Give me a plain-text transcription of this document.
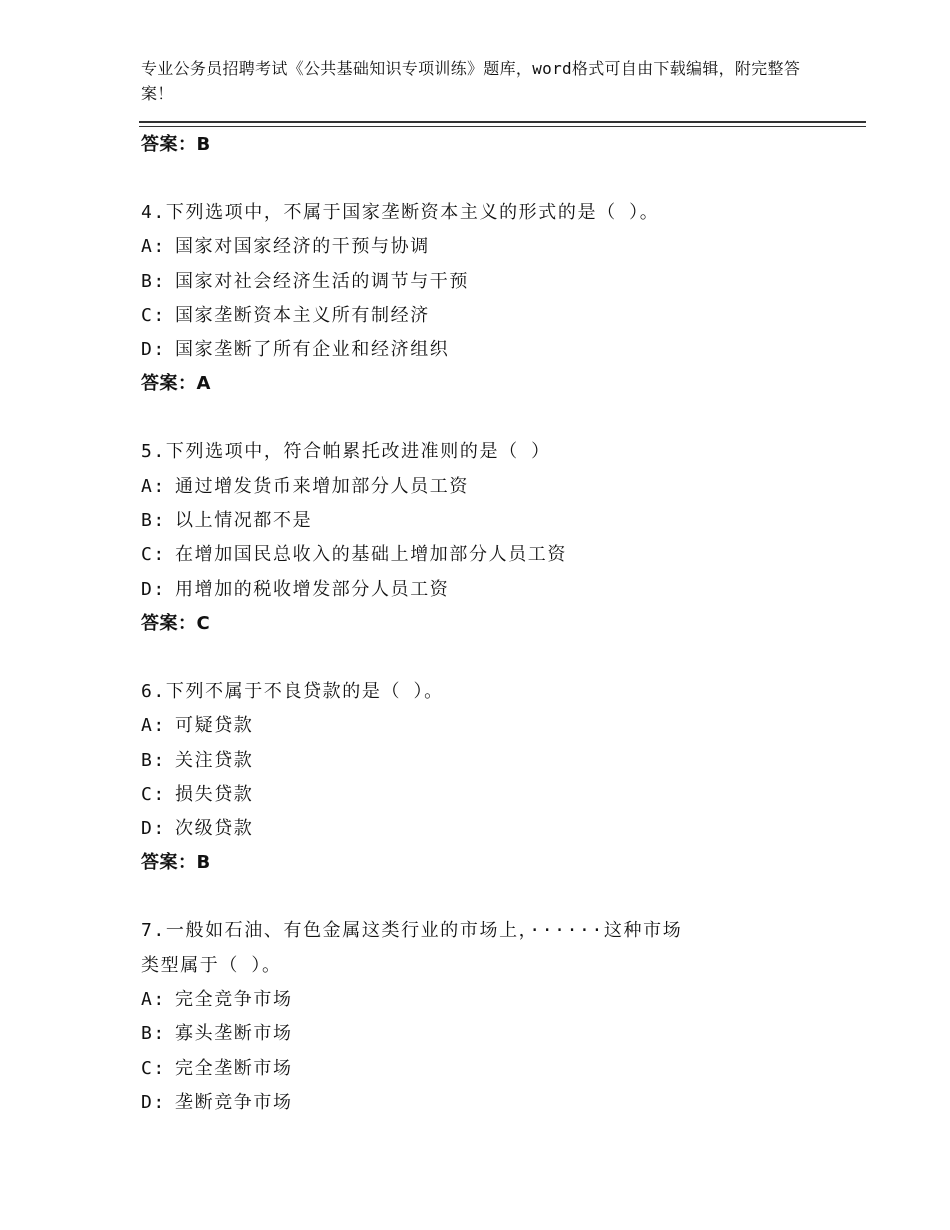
专业公务员招聘考试《公共基础知识专项训练》题库，word格式可自由下载编辑，附完整答案！
答案：B
4.下列选项中，不属于国家垄断资本主义的形式的是（ ）。
A: 国家对国家经济的干预与协调
B: 国家对社会经济生活的调节与干预
C: 国家垄断资本主义所有制经济
D: 国家垄断了所有企业和经济组织
答案：A
5.下列选项中，符合帕累托改进准则的是（ ）
A: 通过增发货币来增加部分人员工资
B: 以上情况都不是
C: 在增加国民总收入的基础上增加部分人员工资
D: 用增加的税收增发部分人员工资
答案：C
6.下列不属于不良贷款的是（ ）。
A: 可疑贷款
B: 关注贷款
C: 损失贷款
D: 次级贷款
答案：B
7.一般如石油、有色金属这类行业的市场上，······这种市场
类型属于（ ）。
A: 完全竞争市场
B: 寡头垄断市场
C: 完全垄断市场
D: 垄断竞争市场
